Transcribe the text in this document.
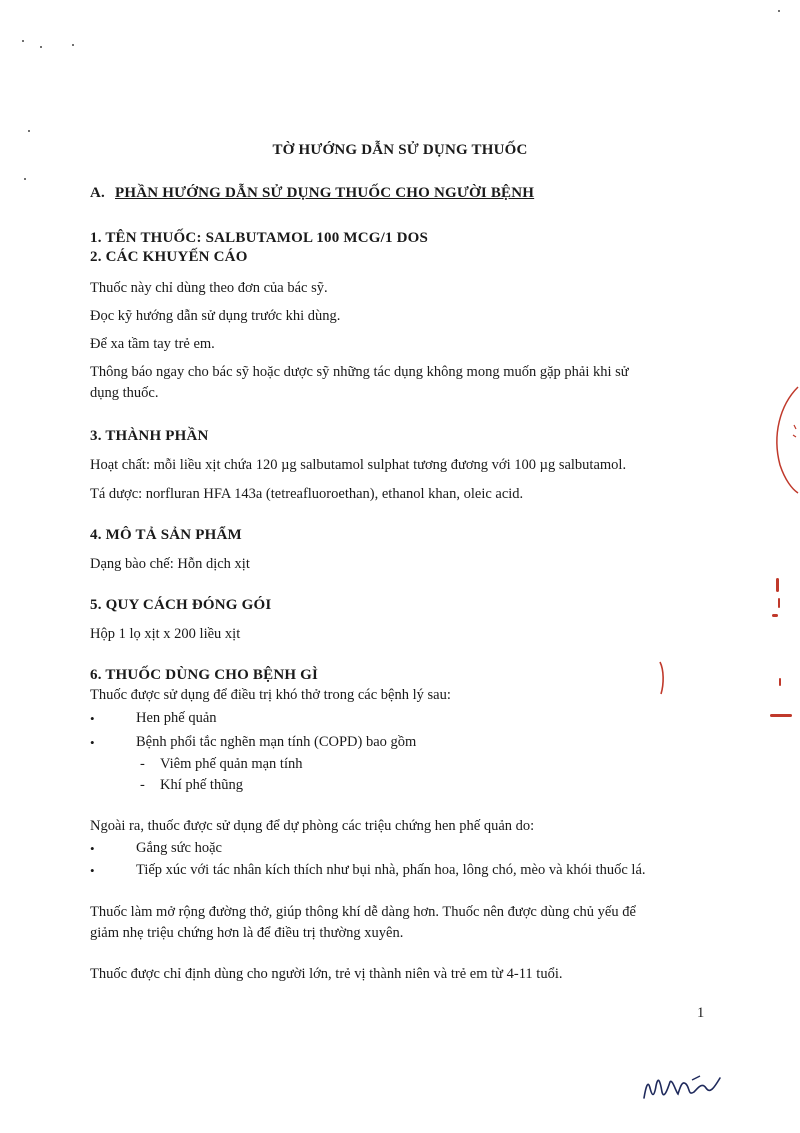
TỜ HƯỚNG DẪN SỬ DỤNG THUỐC
A. PHẦN HƯỚNG DẪN SỬ DỤNG THUỐC CHO NGƯỜI BỆNH
1. TÊN THUỐC: SALBUTAMOL 100 MCG/1 DOS
2. CÁC KHUYẾN CÁO
Thuốc này chỉ dùng theo đơn của bác sỹ.
Đọc kỹ hướng dẫn sử dụng trước khi dùng.
Để xa tầm tay trẻ em.
Thông báo ngay cho bác sỹ hoặc dược sỹ những tác dụng không mong muốn gặp phải khi sử
dụng thuốc.
3. THÀNH PHẦN
Hoạt chất: mỗi liều xịt chứa 120 µg salbutamol sulphat tương đương với 100 µg salbutamol.
Tá dược: norfluran HFA 143a (tetreafluoroethan), ethanol khan, oleic acid.
4. MÔ TẢ SẢN PHẨM
Dạng bào chế: Hỗn dịch xịt
5. QUY CÁCH ĐÓNG GÓI
Hộp 1 lọ xịt x 200 liều xịt
6. THUỐC DÙNG CHO BỆNH GÌ
Thuốc được sử dụng để điều trị khó thở trong các bệnh lý sau:
•	Hen phế quản
•	Bệnh phổi tắc nghẽn mạn tính (COPD) bao gồm
- Viêm phế quản mạn tính
- Khí phế thũng
Ngoài ra, thuốc được sử dụng để dự phòng các triệu chứng hen phế quản do:
•	Gắng sức hoặc
•	Tiếp xúc với tác nhân kích thích như bụi nhà, phấn hoa, lông chó, mèo và khói thuốc lá.
Thuốc làm mở rộng đường thở, giúp thông khí dễ dàng hơn. Thuốc nên được dùng chủ yếu để
giảm nhẹ triệu chứng hơn là để điều trị thường xuyên.
Thuốc được chỉ định dùng cho người lớn, trẻ vị thành niên và trẻ em từ 4-11 tuổi.
1
